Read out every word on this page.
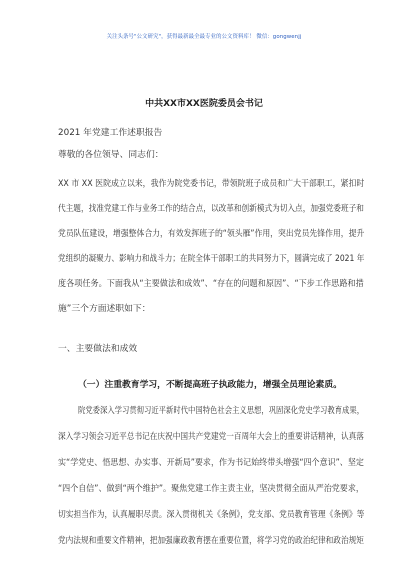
关注头条号"公文研究"，获得最新最全最专业的公文资料库！ 微信：gongwenjj
中共XX市XX医院委员会书记
2021 年党建工作述职报告
尊敬的各位领导、同志们：
XX 市 XX 医院成立以来，我作为院党委书记，带领院班子成员和广大干部职工，紧扣时
代主题，找准党建工作与业务工作的结合点，以改革和创新模式为切入点，加强党委班子和
党员队伍建设，增强整体合力，有效发挥班子的“领头雁”作用，突出党员先锋作用，提升
党组织的凝聚力、影响力和战斗力；在院全体干部职工的共同努力下，圆满完成了 2021 年
度各项任务。下面我从“主要做法和成效”、“存在的问题和原因”、“下步工作思路和措
施”三个方面述职如下：
一、主要做法和成效
（一）注重教育学习，不断提高班子执政能力，增强全员理论素质。
院党委深入学习贯彻习近平新时代中国特色社会主义思想，巩固深化党史学习教育成果，
深入学习领会习近平总书记在庆祝中国共产党建党一百周年大会上的重要讲话精神，认真落
实“学党史、悟思想、办实事、开新局”要求，作为书记始终带头增强“四个意识”、坚定
“四个自信”、做到“两个维护”。聚焦党建工作主责主业，坚决贯彻全面从严治党要求，
切实担当作为，认真履职尽责。深入贯彻机关《条例》，党支部、党员教育管理《条例》等
党内法规和重要文件精神，把加强廉政教育摆在重要位置，将学习党的政治纪律和政治规矩
